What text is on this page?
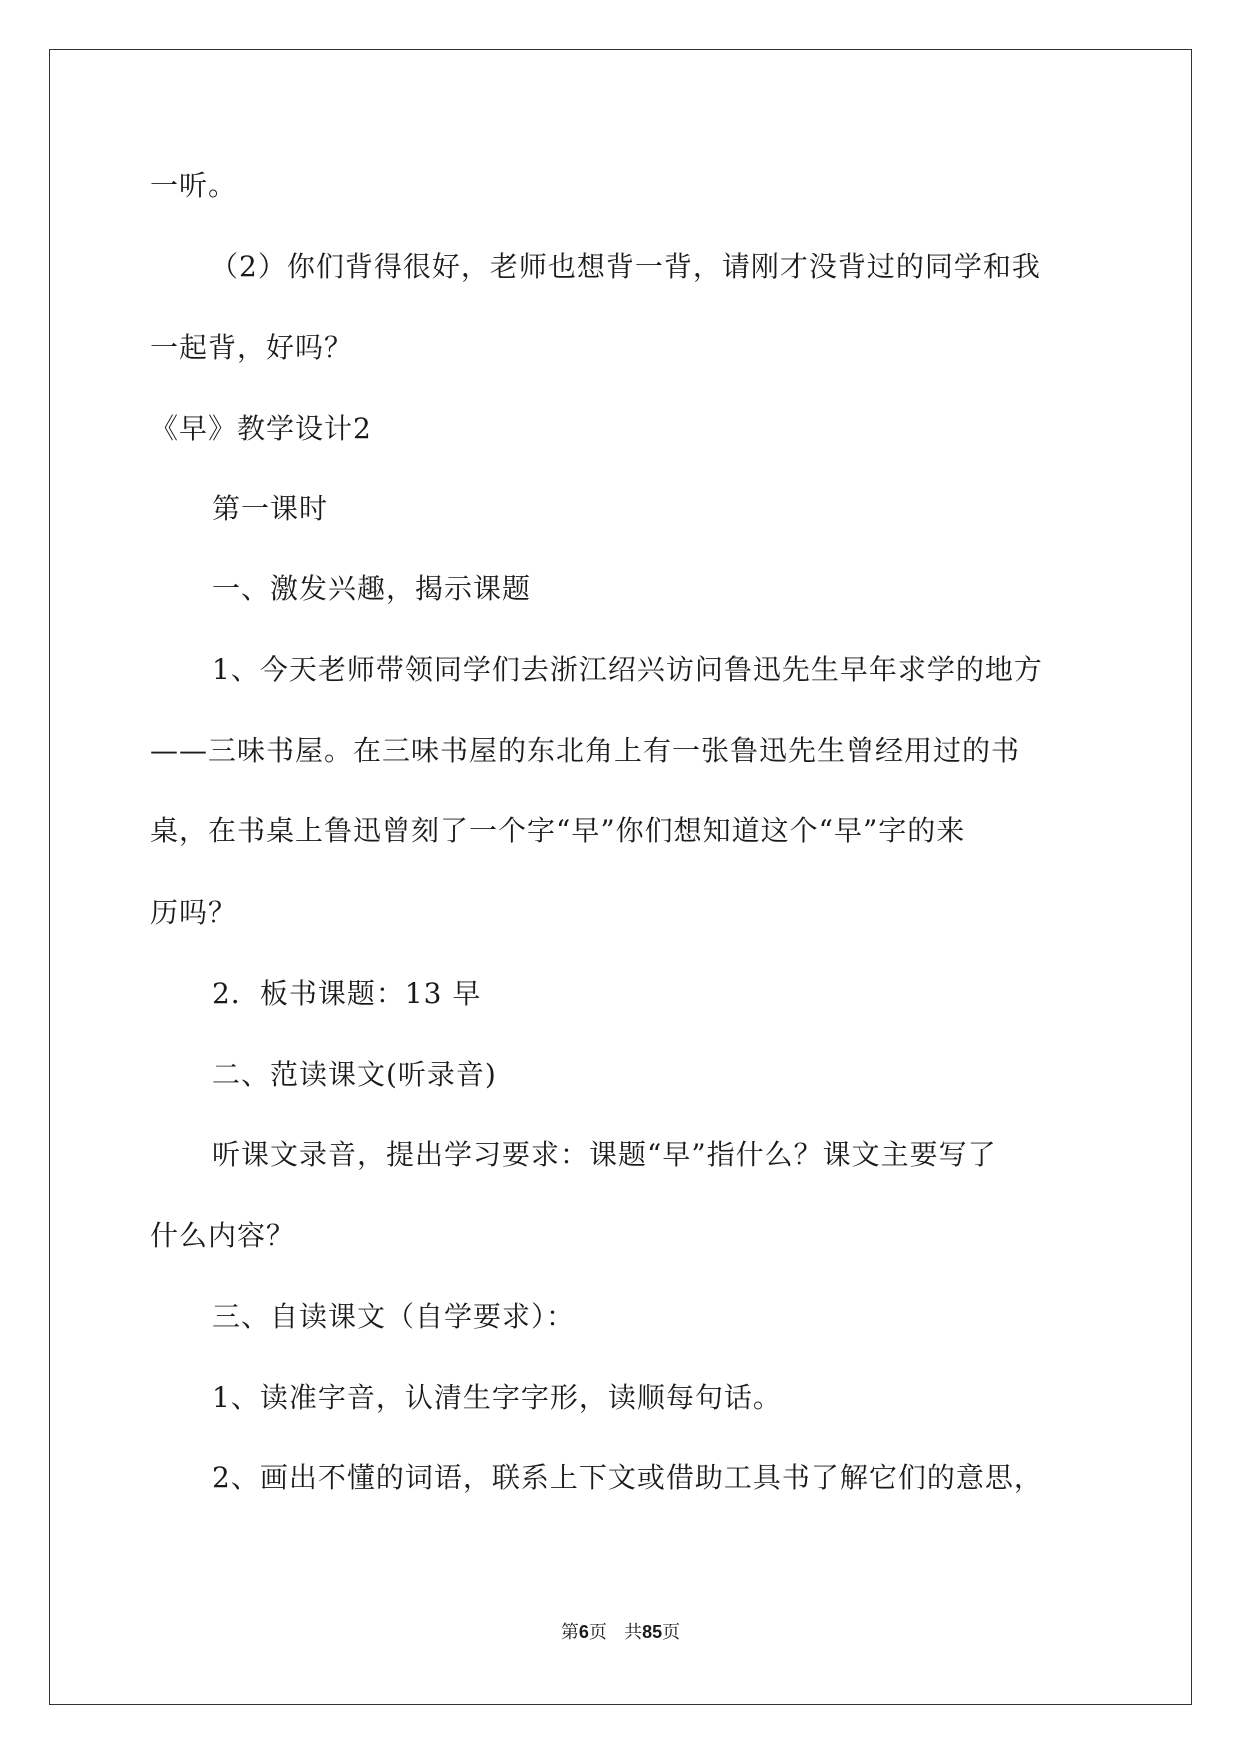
一听。
（2）你们背得很好，老师也想背一背，请刚才没背过的同学和我
一起背，好吗？
《早》教学设计2
第一课时
一、激发兴趣，揭示课题
1、今天老师带领同学们去浙江绍兴访问鲁迅先生早年求学的地方
——三味书屋。在三味书屋的东北角上有一张鲁迅先生曾经用过的书
桌，在书桌上鲁迅曾刻了一个字“早”你们想知道这个“早”字的来
历吗？
2．板书课题：13 早
二、范读课文(听录音)
听课文录音，提出学习要求：课题“早”指什么？课文主要写了
什么内容？
三、自读课文（自学要求）：
1、读准字音，认清生字字形，读顺每句话。
2、画出不懂的词语，联系上下文或借助工具书了解它们的意思，
第6页 共85页
